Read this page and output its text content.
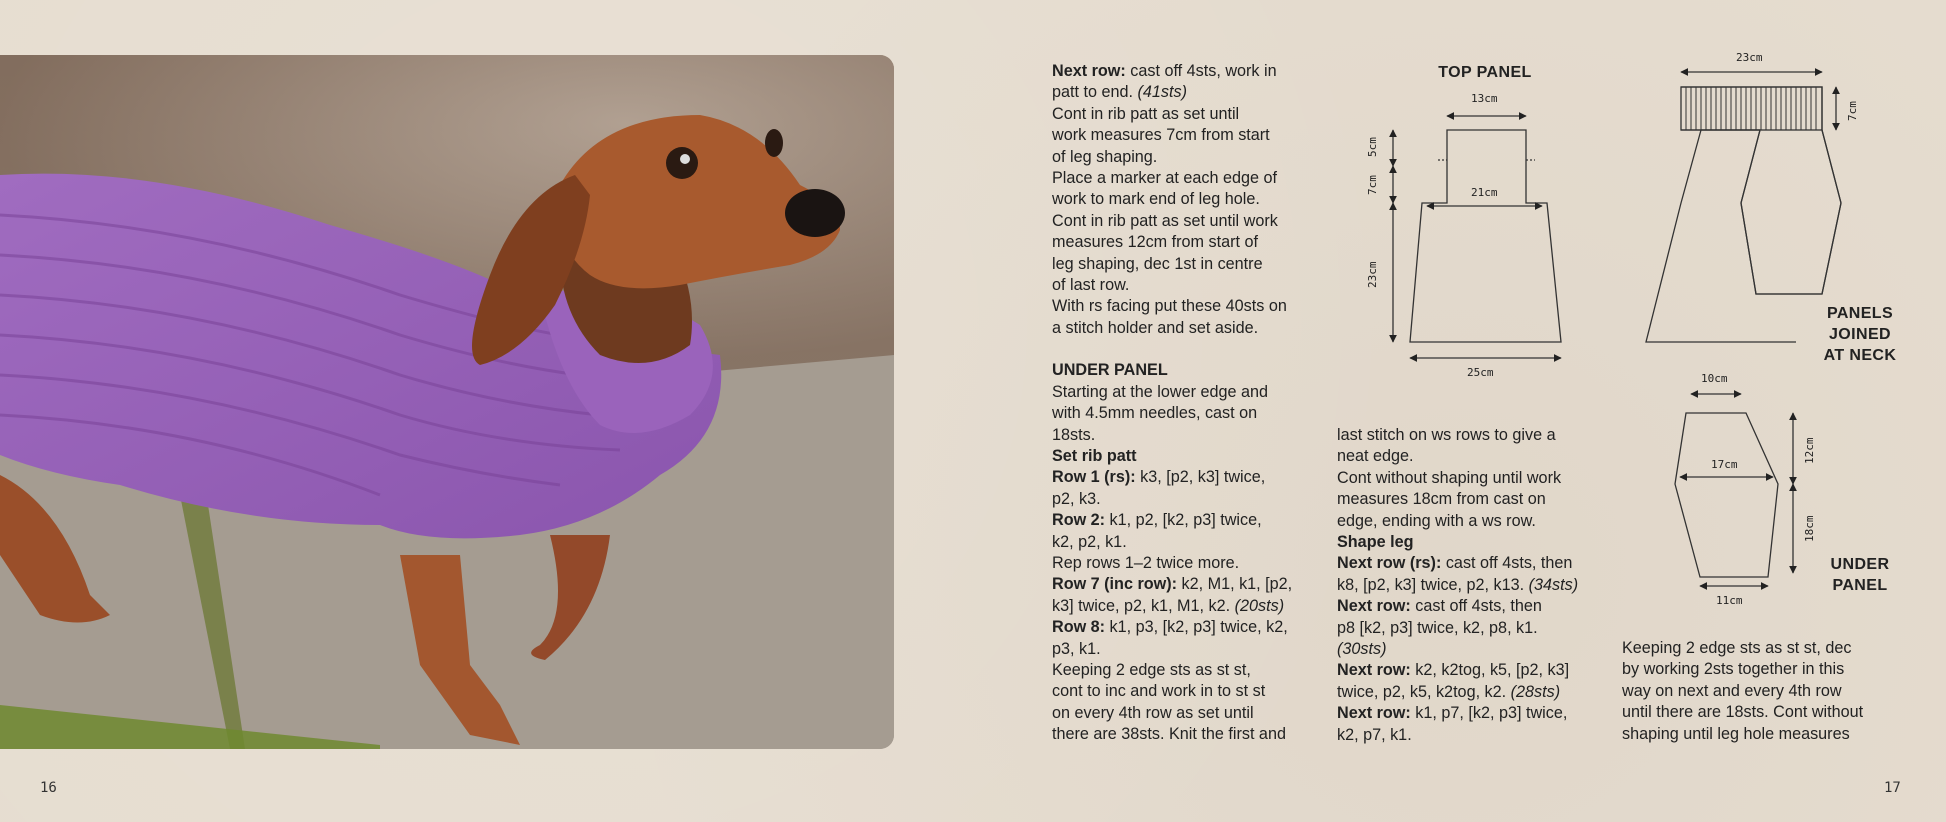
16	17

Next row: cast off 4sts, work in

patt to end. (41sts)

Cont in rib patt as set until
work measures 7cm from start
of leg shaping.

Place a marker at each edge of
work to mark end of leg hole.

Cont in rib patt as set until work
measures 12cm from start of
leg shaping, dec 1st in centre
of last row.

With rs facing put these 40sts on
a stitch holder and set aside.

UNDER PANEL

Starting at the lower edge and
with 4.5mm needles, cast on
18sts.

Set rib patt

Row 1 (rs): k3, [p2, k3] twice,
p2, k3.

Row 2: k1, p2, [k2, p3] twice,
k2, p2, k1.

Rep rows 1–2 twice more.

Row 7 (inc row): k2, M1, k1, [p2,
k3] twice, p2, k1, M1, k2. (20sts)

Row 8: k1, p3, [k2, p3] twice, k2,
p3, k1.

Keeping 2 edge sts as st st,
cont to inc and work in to st st
on every 4th row as set until
there are 38sts. Knit the first and

last stitch on ws rows to give a
neat edge.

Cont without shaping until work
measures 18cm from cast on
edge, ending with a ws row.

Shape leg

Next row (rs): cast off 4sts, then
k8, [p2, k3] twice, p2, k13. (34sts)

Next row: cast off 4sts, then
p8 [k2, p3] twice, k2, p8, k1.
(30sts)

Next row: k2, k2tog, k5, [p2, k3]
twice, p2, k5, k2tog, k2. (28sts)

Next row: k1, p7, [k2, p3] twice,
k2, p7, k1.

Keeping 2 edge sts as st st, dec
by working 2sts together in this
way on next and every 4th row
until there are 18sts. Cont without
shaping until leg hole measures

TOP PANEL
PANELS
JOINED
AT NECK
UNDER
PANEL
13cm
21cm
25cm
5cm
7cm
23cm
23cm
7cm
10cm
17cm
11cm
12cm
18cm
